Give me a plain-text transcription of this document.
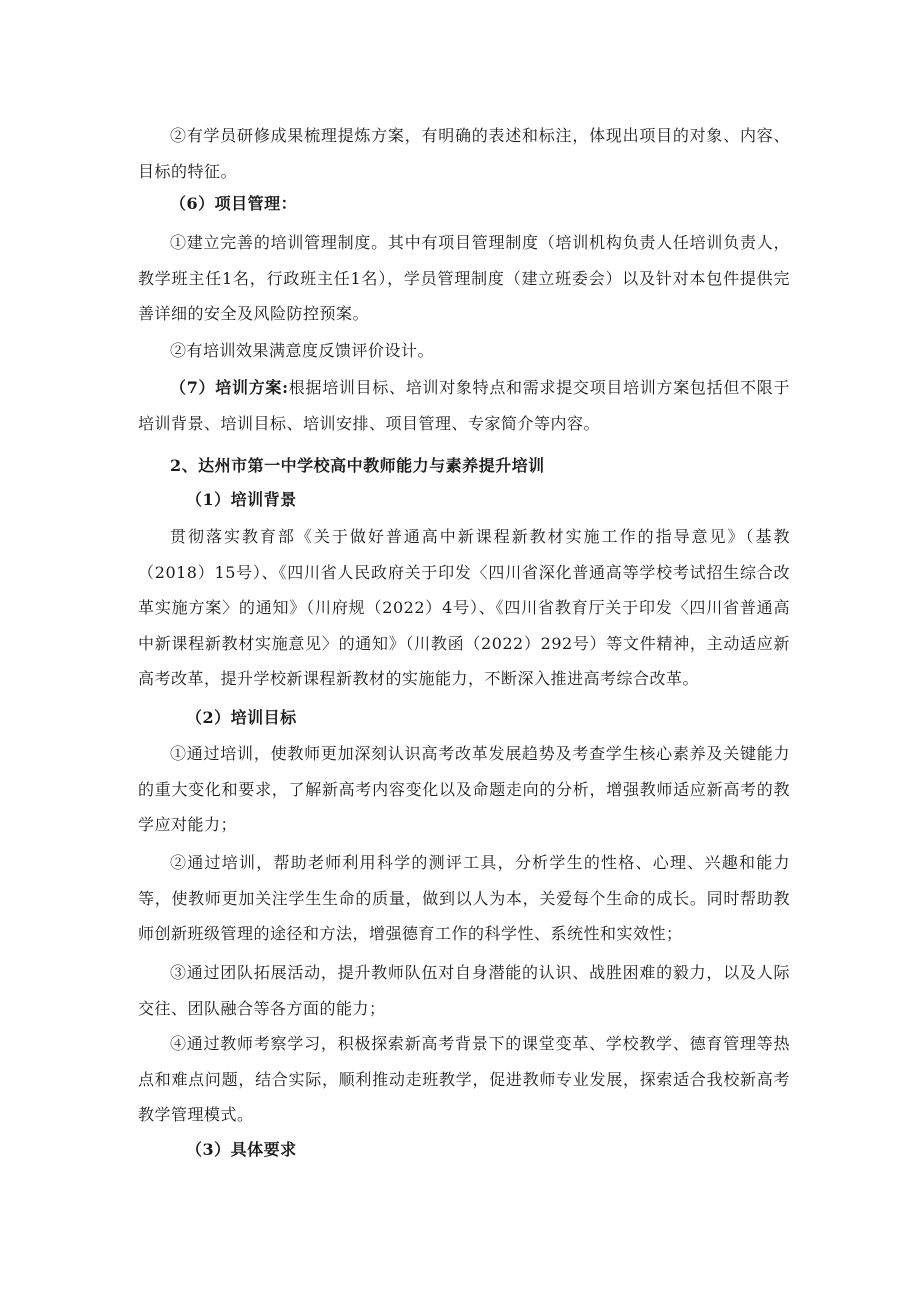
②有学员研修成果梳理提炼方案，有明确的表述和标注，体现出项目的对象、内容、目标的特征。

（6）项目管理：

①建立完善的培训管理制度。其中有项目管理制度（培训机构负责人任培训负责人，教学班主任1名，行政班主任1名），学员管理制度（建立班委会）以及针对本包件提供完善详细的安全及风险防控预案。

②有培训效果满意度反馈评价设计。

（7）培训方案:根据培训目标、培训对象特点和需求提交项目培训方案包括但不限于培训背景、培训目标、培训安排、项目管理、专家简介等内容。

2、达州市第一中学校高中教师能力与素养提升培训

（1）培训背景

贯彻落实教育部《关于做好普通高中新课程新教材实施工作的指导意见》（基教（2018）15号）、《四川省人民政府关于印发〈四川省深化普通高等学校考试招生综合改革实施方案〉的通知》（川府规（2022）4号）、《四川省教育厅关于印发〈四川省普通高中新课程新教材实施意见〉的通知》（川教函（2022）292号）等文件精神，主动适应新高考改革，提升学校新课程新教材的实施能力，不断深入推进高考综合改革。

（2）培训目标

①通过培训，使教师更加深刻认识高考改革发展趋势及考查学生核心素养及关键能力的重大变化和要求，了解新高考内容变化以及命题走向的分析，增强教师适应新高考的教学应对能力；

②通过培训，帮助老师利用科学的测评工具，分析学生的性格、心理、兴趣和能力等，使教师更加关注学生生命的质量，做到以人为本，关爱每个生命的成长。同时帮助教师创新班级管理的途径和方法，增强德育工作的科学性、系统性和实效性；

③通过团队拓展活动，提升教师队伍对自身潜能的认识、战胜困难的毅力，以及人际交往、团队融合等各方面的能力；

④通过教师考察学习，积极探索新高考背景下的课堂变革、学校教学、德育管理等热点和难点问题，结合实际，顺利推动走班教学，促进教师专业发展，探索适合我校新高考教学管理模式。

（3）具体要求
